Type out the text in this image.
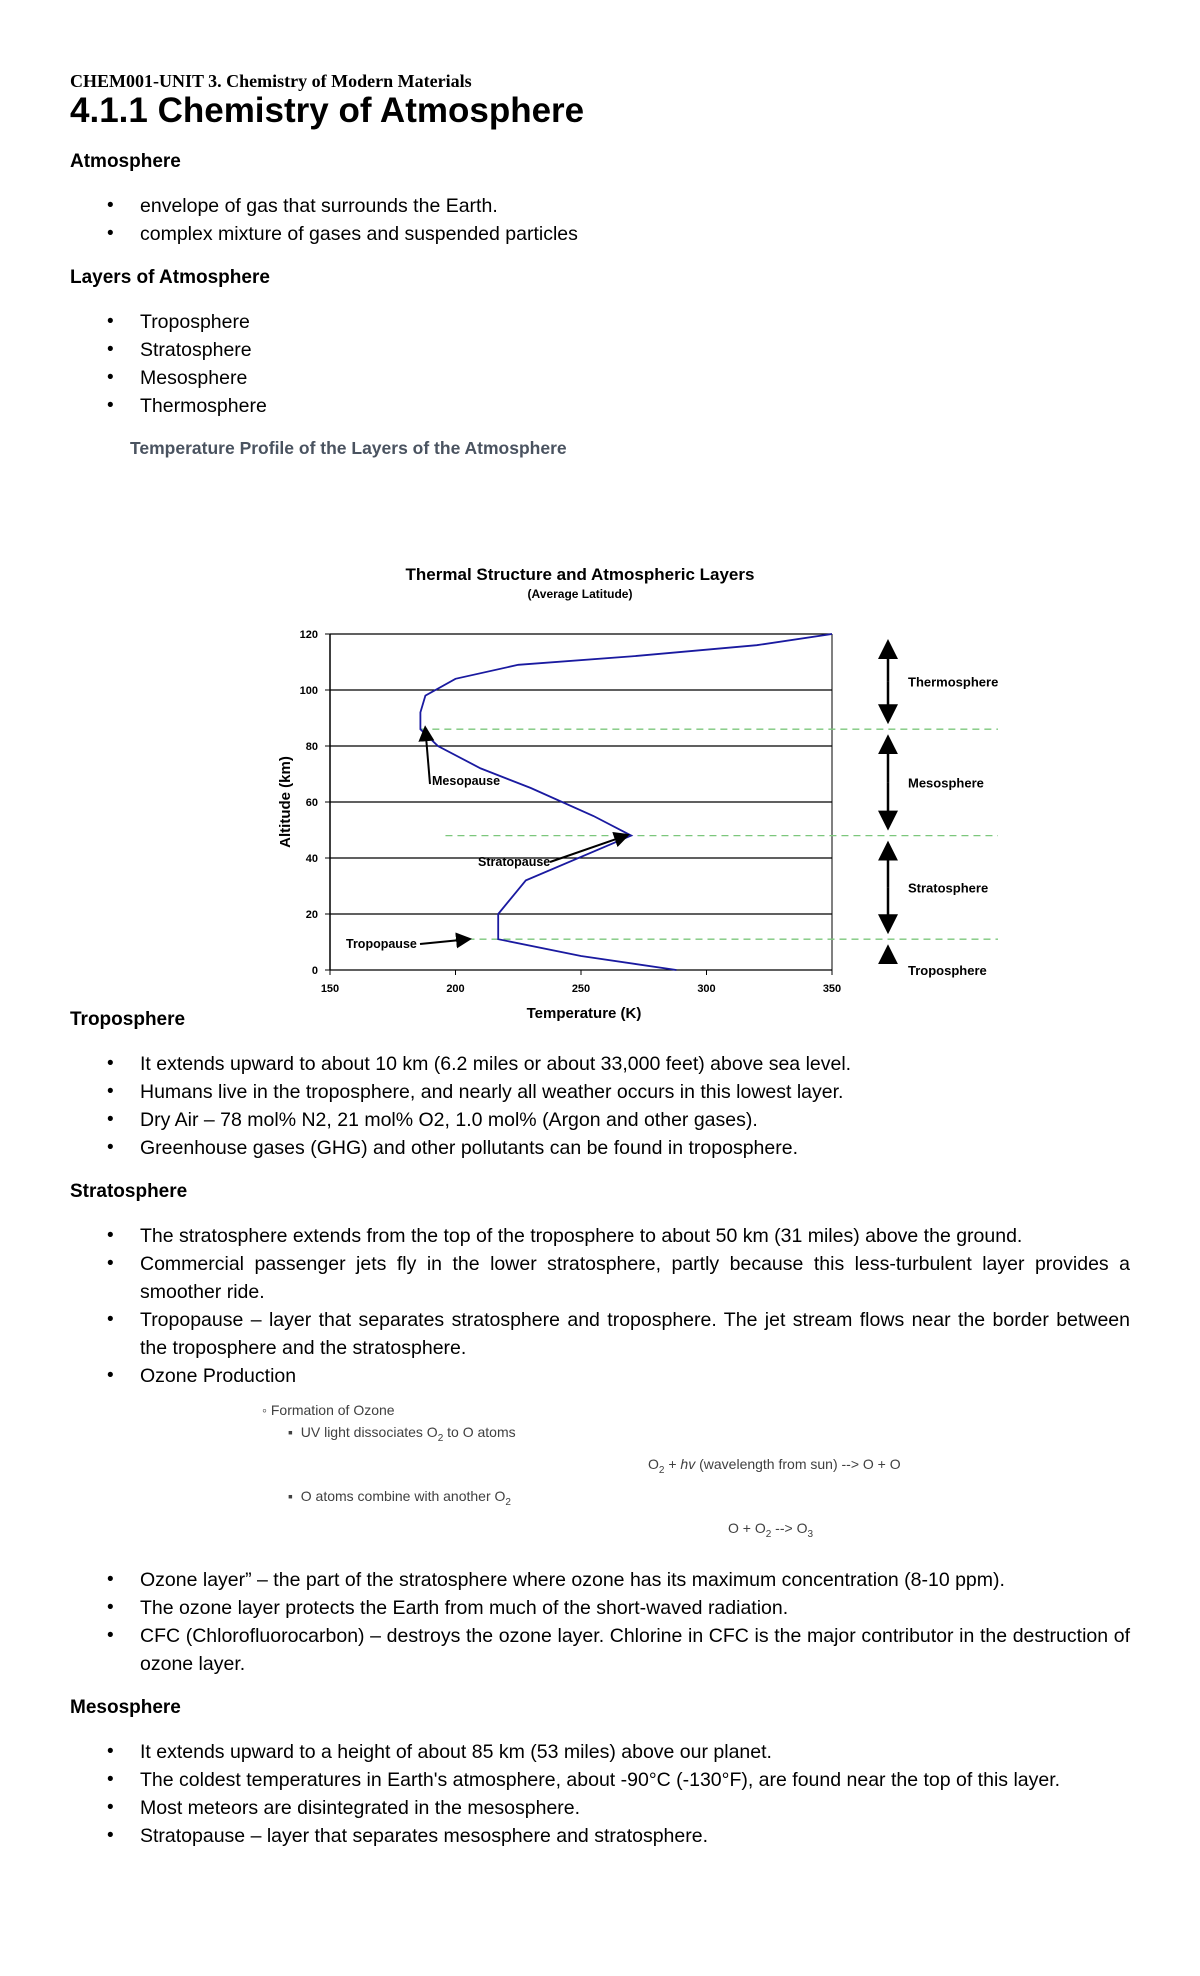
CHEM001-UNIT 3. Chemistry of Modern Materials

4.1.1 Chemistry of Atmosphere
Atmosphere
• envelope of gas that surrounds the Earth.
• complex mixture of gases and suspended particles
Layers of Atmosphere
• Troposphere
• Stratosphere
• Mesosphere
• Thermosphere
Temperature Profile of the Layers of the Atmosphere
Thermal Structure and Atmospheric Layers
(Average Latitude)
0
20
40
60
80
100
120
150	200	250	300	350
Temperature (K)
Altitude (km)	Mesopause
Stratopause
Tropopause
Thermosphere
Mesosphere
Stratosphere
Troposphere
Troposphere
• It extends upward to about 10 km (6.2 miles or about 33,000 feet) above sea level.
• Humans live in the troposphere, and nearly all weather occurs in this lowest layer.
• Dry Air – 78 mol% N2, 21 mol% O2, 1.0 mol% (Argon and other gases).
• Greenhouse gases (GHG) and other pollutants can be found in troposphere.
Stratosphere
• The stratosphere extends from the top of the troposphere to about 50 km (31 miles) above the ground.
• Commercial passenger jets fly in the lower stratosphere, partly because this less-turbulent layer provides a smoother ride.
• Tropopause – layer that separates stratosphere and troposphere. The jet stream flows near the border between the troposphere and the stratosphere.
• Ozone Production
◦ Formation of Ozone
▪  UV light dissociates $O_2$ to O atoms
$O_2$ + hv (wavelength from sun) --> O + O
▪  O atoms combine with another $O_2$
$O + O_2$ --> $O_3$
• Ozone layer” – the part of the stratosphere where ozone has its maximum concentration (8-10 ppm).
• The ozone layer protects the Earth from much of the short-waved radiation.
• CFC (Chlorofluorocarbon) – destroys the ozone layer. Chlorine in CFC is the major contributor in the destruction of ozone layer.
Mesosphere
• It extends upward to a height of about 85 km (53 miles) above our planet.
• The coldest temperatures in Earth's atmosphere, about -90°C (-130°F), are found near the top of this layer.
• Most meteors are disintegrated in the mesosphere.
• Stratopause – layer that separates mesosphere and stratosphere.
